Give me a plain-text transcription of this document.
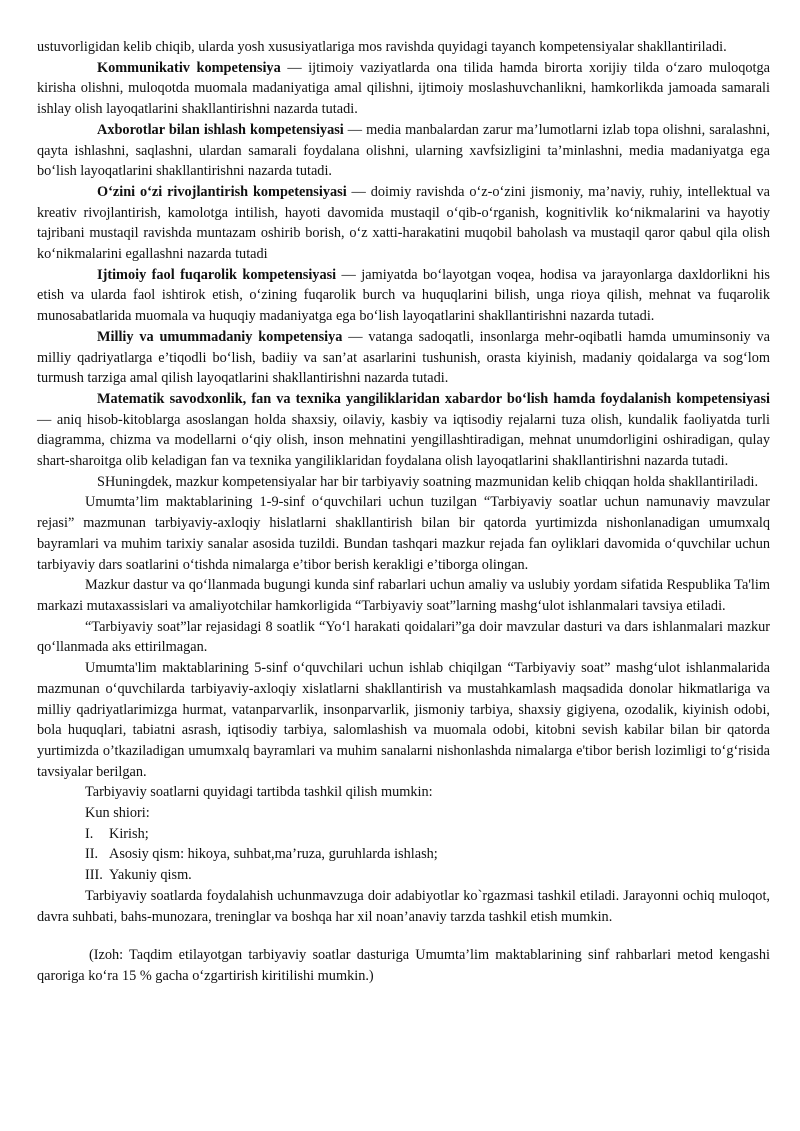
ustuvorligidan kelib chiqib, ularda yosh xususiyatlariga mos ravishda quyidagi tayanch kompetensiyalar shakllantiriladi.

Kommunikativ kompetensiya — ijtimoiy vaziyatlarda ona tilida hamda birorta xorijiy tilda o‘zaro muloqotga kirisha olishni, muloqotda muomala madaniyatiga amal qilishni, ijtimoiy moslashuvchanlikni, hamkorlikda jamoada samarali ishlay olish layoqatlarini shakllantirishni nazarda tutadi.

Axborotlar bilan ishlash kompetensiyasi — media manbalardan zarur ma’lumotlarni izlab topa olishni, saralashni, qayta ishlashni, saqlashni, ulardan samarali foydalana olishni, ularning xavfsizligini ta’minlashni, media madaniyatga ega bo‘lish layoqatlarini shakllantirishni nazarda tutadi.

O‘zini o‘zi rivojlantirish kompetensiyasi — doimiy ravishda o‘z-o‘zini jismoniy, ma’naviy, ruhiy, intellektual va kreativ rivojlantirish, kamolotga intilish, hayoti davomida mustaqil o‘qib-o‘rganish, kognitivlik ko‘nikmalarini va hayotiy tajribani mustaqil ravishda muntazam oshirib borish, o‘z xatti-harakatini muqobil baholash va mustaqil qaror qabul qila olish ko‘nikmalarini egallashni nazarda tutadi

Ijtimoiy faol fuqarolik kompetensiyasi — jamiyatda bo‘layotgan voqea, hodisa va jarayonlarga daxldorlikni his etish va ularda faol ishtirok etish, o‘zining fuqarolik burch va huquqlarini bilish, unga rioya qilish, mehnat va fuqarolik munosabatlarida muomala va huquqiy madaniyatga ega bo‘lish layoqatlarini shakllantirishni nazarda tutadi.

Milliy va umummadaniy kompetensiya — vatanga sadoqatli, insonlarga mehr-oqibatli hamda umuminsoniy va milliy qadriyatlarga e’tiqodli bo‘lish, badiiy va san’at asarlarini tushunish, orasta kiyinish, madaniy qoidalarga va sog‘lom turmush tarziga amal qilish layoqatlarini shakllantirishni nazarda tutadi.

Matematik savodxonlik, fan va texnika yangiliklaridan xabardor bo‘lish hamda foydalanish kompetensiyasi — aniq hisob-kitoblarga asoslangan holda shaxsiy, oilaviy, kasbiy va iqtisodiy rejalarni tuza olish, kundalik faoliyatda turli diagramma, chizma va modellarni o‘qiy olish, inson mehnatini yengillashtiradigan, mehnat unumdorligini oshiradigan, qulay shart-sharoitga olib keladigan fan va texnika yangiliklaridan foydalana olish layoqatlarini shakllantirishni nazarda tutadi.

SHuningdek, mazkur kompetensiyalar har bir tarbiyaviy soatning mazmunidan kelib chiqqan holda shakllantiriladi.

Umumta’lim maktablarining 1-9-sinf o‘quvchilari uchun tuzilgan “Tarbiyaviy soatlar uchun namunaviy mavzular rejasi” mazmunan tarbiyaviy-axloqiy hislatlarni shakllantirish bilan bir qatorda yurtimizda nishonlanadigan umumxalq bayramlari va muhim tarixiy sanalar asosida tuzildi. Bundan tashqari mazkur rejada fan oyliklari davomida o‘quvchilar uchun tarbiyaviy dars soatlarini o‘tishda nimalarga e’tibor berish kerakligi e’tiborga olingan.

Mazkur dastur va qo‘llanmada bugungi kunda sinf rabarlari uchun amaliy va uslubiy yordam sifatida Respublika Ta'lim markazi mutaxassislari va amaliyotchilar hamkorligida “Tarbiyaviy soat”larning mashg‘ulot ishlanmalari tavsiya etiladi.

“Tarbiyaviy soat”lar rejasidagi 8 soatlik “Yo‘l harakati qoidalari”ga doir mavzular dasturi va dars ishlanmalari mazkur qo‘llanmada aks ettirilmagan.

Umumta'lim maktablarining 5-sinf o‘quvchilari uchun ishlab chiqilgan “Tarbiyaviy soat” mashg‘ulot ishlanmalarida mazmunan o‘quvchilarda tarbiyaviy-axloqiy xislatlarni shakllantirish va mustahkamlash maqsadida donolar hikmatlariga va milliy qadriyatlarimizga hurmat, vatanparvarlik, insonparvarlik, jismoniy tarbiya, shaxsiy gigiyena, ozodalik, kiyinish odobi, bola huquqlari, tabiatni asrash, iqtisodiy tarbiya, salomlashish va muomala odobi, kitobni sevish kabilar bilan bir qatorda yurtimizda o’tkaziladigan umumxalq bayramlari va muhim sanalarni nishonlashda nimalarga e'tibor berish lozimligi to‘g‘risida tavsiyalar berilgan.

Tarbiyaviy soatlarni quyidagi tartibda tashkil qilish mumkin:

Kun shiori:

I. Kirish;

II. Asosiy qism: hikoya, suhbat,ma’ruza, guruhlarda ishlash;

III. Yakuniy qism.

Tarbiyaviy soatlarda foydalahish uchunmavzuga doir adabiyotlar ko`rgazmasi tashkil etiladi. Jarayonni ochiq muloqot, davra suhbati, bahs-munozara, treninglar va boshqa har xil noan’anaviy tarzda tashkil etish mumkin.

(Izoh: Taqdim etilayotgan tarbiyaviy soatlar dasturiga Umumta’lim maktablarining sinf rahbarlari metod kengashi qaroriga ko‘ra 15 % gacha o‘zgartirish kiritilishi mumkin.)
